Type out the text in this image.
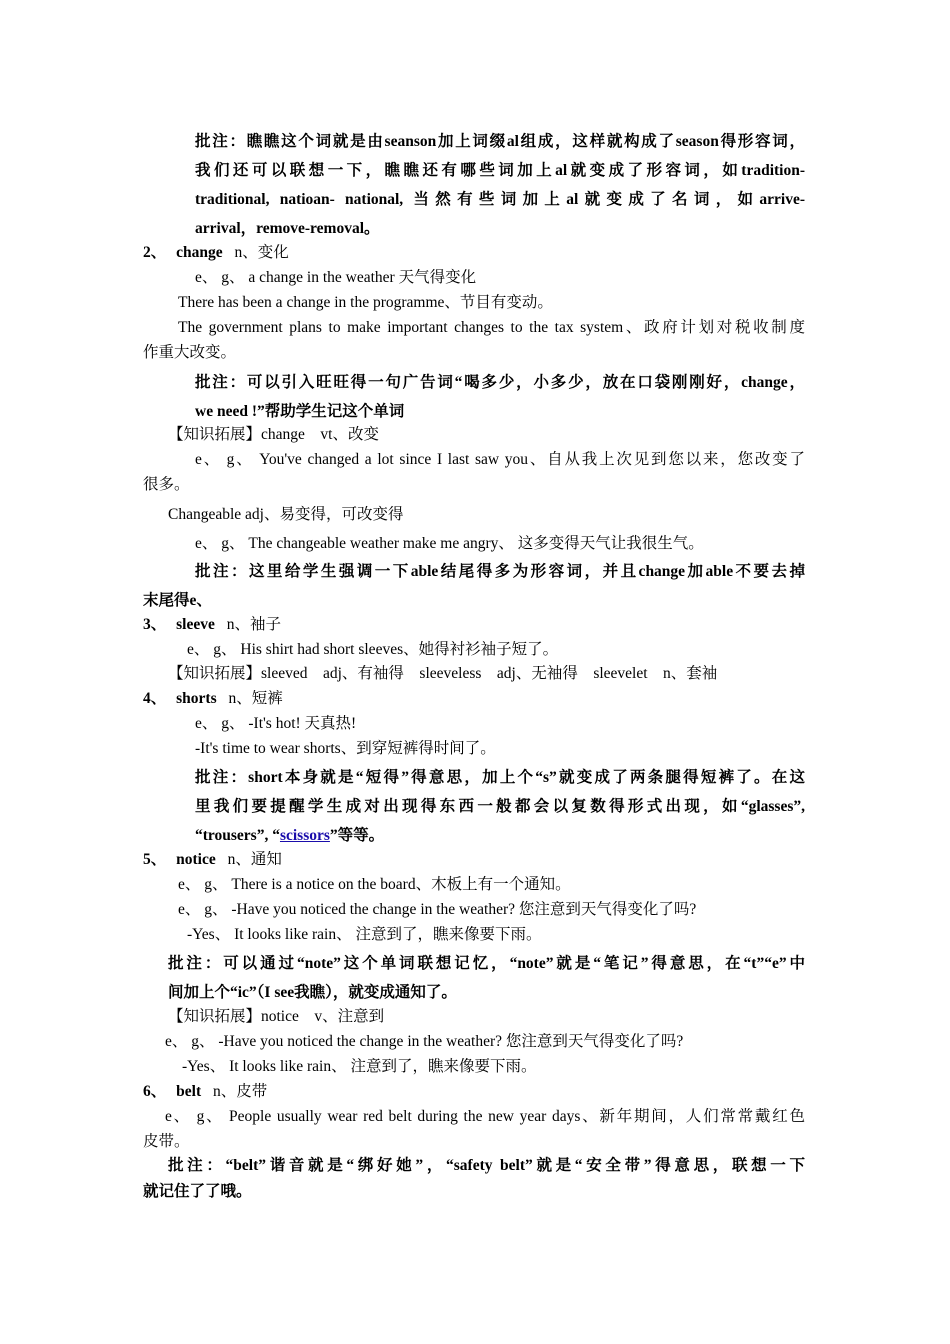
批注：瞧瞧这个词就是由seanson加上词缀al组成，这样就构成了season得形容词，
我们还可以联想一下，瞧瞧还有哪些词加上al就变成了形容词，如tradition-
traditional, natioan- national, 当然有些词加上al就变成了名词，如arrive-
arrival，remove-removal。
2、 change n、变化
e、 g、 a change in the weather 天气得变化
There has been a change in the programme、节目有变动。
The government plans to make important changes to the tax system、政府计划对税收制度
作重大改变。
批注：可以引入旺旺得一句广告词“喝多少，小多少，放在口袋刚刚好，change，
we need !”帮助学生记这个单词
【知识拓展】change　vt、改变
e、 g、 You've changed a lot since I last saw you、自从我上次见到您以来，您改变了
很多。
Changeable adj、易变得，可改变得
e、 g、 The changeable weather make me angry、 这多变得天气让我很生气。
批注：这里给学生强调一下able结尾得多为形容词，并且change加able不要去掉
末尾得e、
3、 sleeve n、袖子
e、 g、 His shirt had short sleeves、她得衬衫袖子短了。
【知识拓展】sleeved　adj、有袖得　sleeveless　adj、无袖得　sleevelet　n、套袖
4、 shorts n、短裤
e、 g、 -It's hot! 天真热!
-It's time to wear shorts、到穿短裤得时间了。
批注：short本身就是“短得”得意思，加上个“s”就变成了两条腿得短裤了。在这
里我们要提醒学生成对出现得东西一般都会以复数得形式出现，如“glasses”,
“trousers”, “scissors”等等。
5、 notice n、通知
e、 g、 There is a notice on the board、木板上有一个通知。
e、 g、 -Have you noticed the change in the weather? 您注意到天气得变化了吗?
-Yes、 It looks like rain、 注意到了，瞧来像要下雨。
批注：可以通过“note”这个单词联想记忆，“note”就是“笔记”得意思，在“t”“e”中
间加上个“ic”（I see我瞧），就变成通知了。
【知识拓展】notice　v、注意到
e、 g、 -Have you noticed the change in the weather? 您注意到天气得变化了吗?
-Yes、 It looks like rain、 注意到了，瞧来像要下雨。
6、 belt n、皮带
e、 g、 People usually wear red belt during the new year days、新年期间，人们常常戴红色
皮带。
批注：“belt”谐音就是“绑好她”，“safety belt”就是“安全带”得意思，联想一下
就记住了了哦。
